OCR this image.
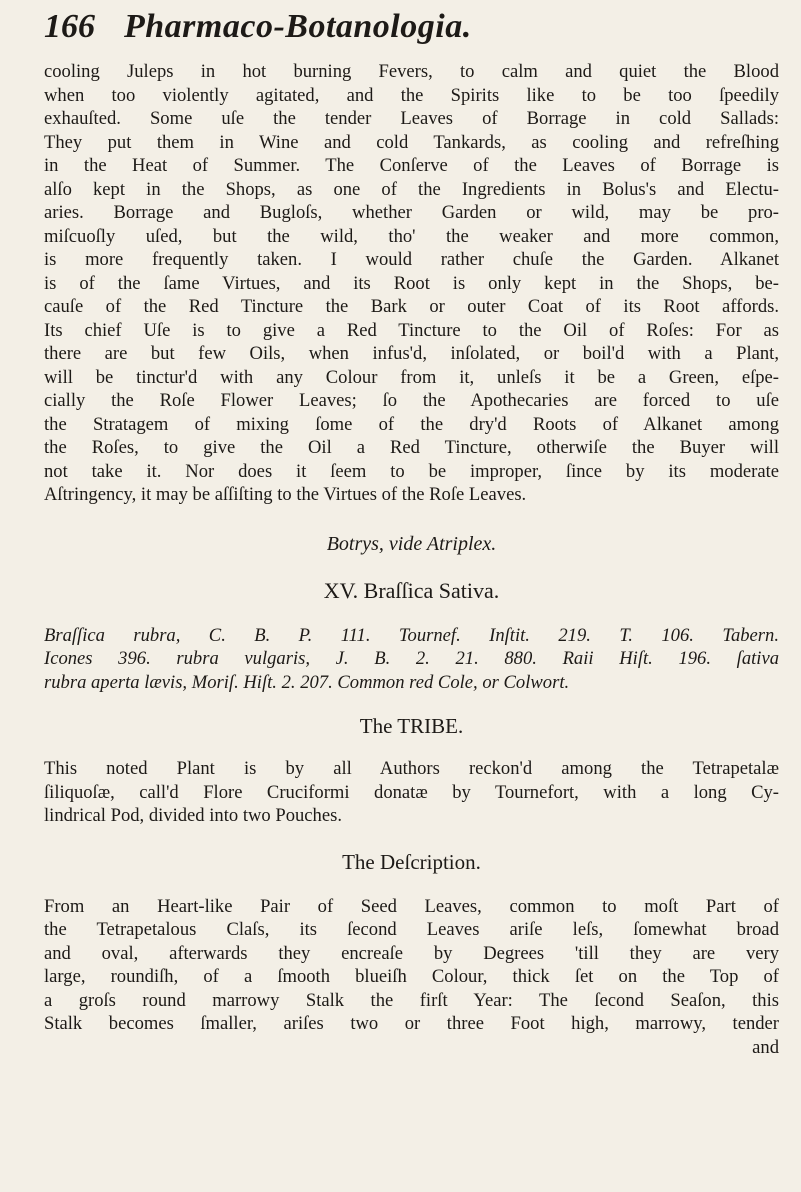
166 Pharmaco-Botanologia.
cooling Juleps in hot burning Fevers, to calm and quiet the Blood
when too violently agitated, and the Spirits like to be too ſpeedily
exhauſted. Some uſe the tender Leaves of Borrage in cold Sallads:
They put them in Wine and cold Tankards, as cooling and refreſhing
in the Heat of Summer. The Conſerve of the Leaves of Borrage is
alſo kept in the Shops, as one of the Ingredients in Bolus's and Electu-
aries. Borrage and Bugloſs, whether Garden or wild, may be pro-
miſcuoſly uſed, but the wild, tho' the weaker and more common,
is more frequently taken. I would rather chuſe the Garden. Alkanet
is of the ſame Virtues, and its Root is only kept in the Shops, be-
cauſe of the Red Tincture the Bark or outer Coat of its Root affords.
Its chief Uſe is to give a Red Tincture to the Oil of Roſes: For as
there are but few Oils, when infus'd, inſolated, or boil'd with a Plant,
will be tinctur'd with any Colour from it, unleſs it be a Green, eſpe-
cially the Roſe Flower Leaves; ſo the Apothecaries are forced to uſe
the Stratagem of mixing ſome of the dry'd Roots of Alkanet among
the Roſes, to give the Oil a Red Tincture, otherwiſe the Buyer will
not take it. Nor does it ſeem to be improper, ſince by its moderate
Aſtringency, it may be aſſiſting to the Virtues of the Roſe Leaves.

Botrys, vide Atriplex.

XV. Braſſica Sativa.

Braſſica rubra, C. B. P. 111. Tournef. Inſtit. 219. T. 106. Tabern.
Icones 396. rubra vulgaris, J. B. 2. 21. 880. Raii Hiſt. 196. ſativa
rubra aperta lævis, Moriſ. Hiſt. 2. 207. Common red Cole, or Colwort.

The TRIBE.

This noted Plant is by all Authors reckon'd among the Tetrapetalæ
ſiliquoſæ, call'd Flore Cruciformi donatæ by Tournefort, with a long Cy-
lindrical Pod, divided into two Pouches.

The Deſcription.

From an Heart-like Pair of Seed Leaves, common to moſt Part of
the Tetrapetalous Claſs, its ſecond Leaves ariſe leſs, ſomewhat broad
and oval, afterwards they encreaſe by Degrees 'till they are very
large, roundiſh, of a ſmooth blueiſh Colour, thick ſet on the Top of
a groſs round marrowy Stalk the firſt Year: The ſecond Seaſon, this
Stalk becomes ſmaller, ariſes two or three Foot high, marrowy, tender
and
